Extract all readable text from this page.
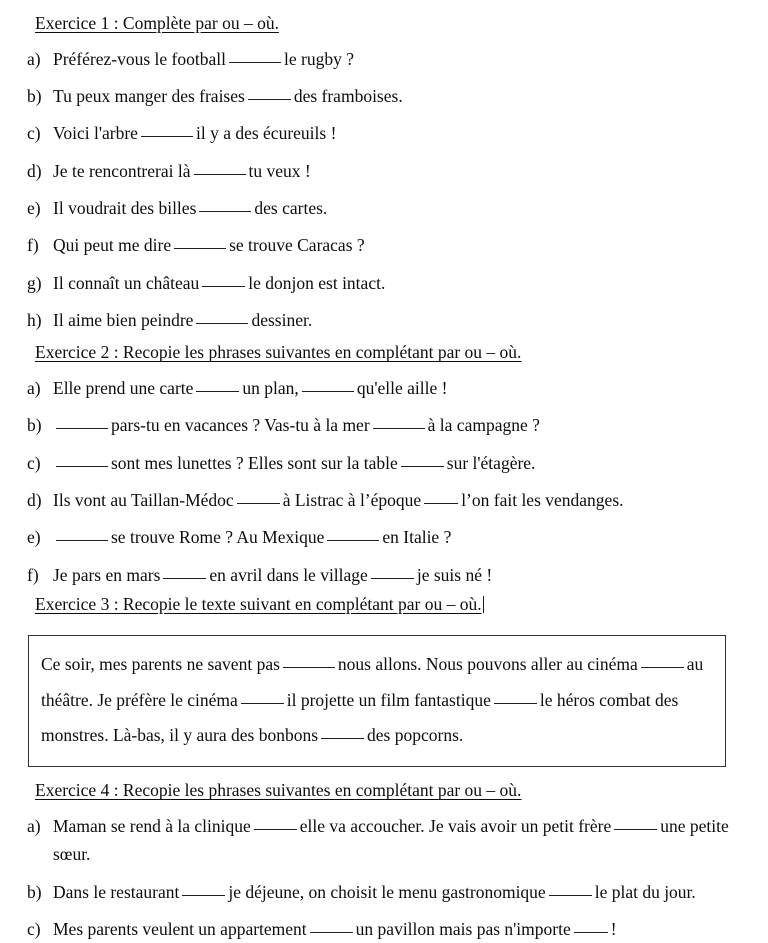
Exercice 1 : Complète par ou – où.
a) Préférez-vous le football	le rugby ?
b) Tu peux manger des fraises	des framboises.
c) Voici l'arbre	il y a des écureuils !
d) Je te rencontrerai là	tu veux !
e) Il voudrait des billes	des cartes.
f) Qui peut me dire	se trouve Caracas ?
g) Il connaît un château	le donjon est intact.
h) Il aime bien peindre	dessiner.
Exercice 2 : Recopie les phrases suivantes en complétant par ou – où.
a) Elle prend une carte	un plan,	qu'elle aille !
b)	pars-tu en vacances ? Vas-tu à la mer	à la campagne ?
c)	sont mes lunettes ? Elles sont sur la table	sur l'étagère.
d) Ils vont au Taillan-Médoc	à Listrac à l’époque l’on fait les vendanges.
e)	se trouve Rome ? Au Mexique	en Italie ?
f) Je pars en mars	en avril dans le village	je suis né !
Exercice 3 : Recopie le texte suivant en complétant par ou – où.

Ce soir, mes parents ne savent pas	nous allons. Nous pouvons aller au cinéma	au théâtre. Je préfère le cinéma	il projette un film fantastique	le héros combat des monstres. Là-bas, il y aura des bonbons	des popcorns.

Exercice 4 : Recopie les phrases suivantes en complétant par ou – où.
a) Maman se rend à la clinique	elle va accoucher. Je vais avoir un petit frère	une petite sœur.
b) Dans le restaurant	je déjeune, on choisit le menu gastronomique	le plat du jour.
c) Mes parents veulent un appartement	un pavillon mais pas n'importe !
